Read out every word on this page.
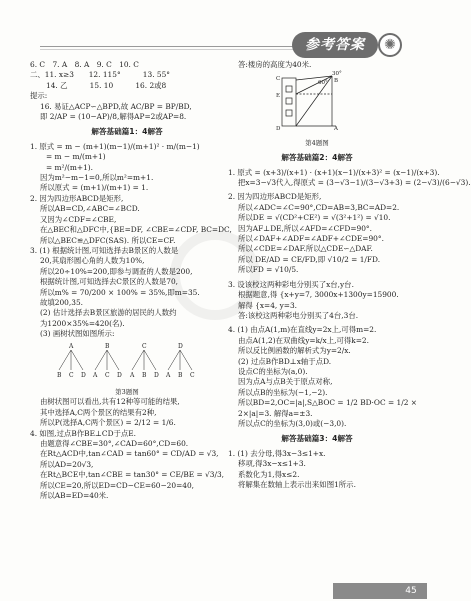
参考答案	✺
6. C　7. A　8. A　9. C　10. C
二、11. x≥3　　12. 115°　　　13. 55°
14. 乙　　　15. 10　　　16. 2或8
提示:
16. 易证△ACP∽△BPD,故 AC/BP = BP/BD,
即 2/AP = (10−AP)/8,解得AP=2或AP=8.
解答基础篇1：4解答
1. 原式 = m − (m+1)(m−1)/(m+1)² · m/(m−1)
= m − m/(m+1)
= m²/(m+1).
因为m²−m−1=0,所以m²=m+1.
所以原式 = (m+1)/(m+1) = 1.
2. 因为四边形ABCD是矩形,
所以AB=CD,∠ABC=∠BCD.
又因为∠CDF=∠CBE,
在△BEC和△DFC中,{BE=DF, ∠CBE=∠CDF, BC=DC,
所以△BEC≌△DFC(SAS). 所以CE=CF.
3. (1) 根据统计图,可知选择去B景区的人数是
20,其扇形圆心角的人数为10%,
所以20÷10%=200,即参与调查的人数是200,
根据统计图,可知选择去C景区的人数是70,
所以m% = 70/200 × 100% = 35%,即m=35.
故填200,35.
(2) 估计选择去B景区旅游的居民的人数约
为1200×35%=420(名).
(3) 画树状图如图所示:
A	B	C	D
B C D A C D A B D A B C
第3题图
由树状图可以看出,共有12种等可能的结果,
其中选择A,C两个景区的结果有2种,
所以P(选择A,C两个景区) = 2/12 = 1/6.
4. 如图,过点B作BE⊥CD于点E.
由题意得∠CBE=30°,∠CAD=60°,CD=60.
在Rt△ACD中,tan∠CAD = tan60° = CD/AD = √3,
所以AD=20√3,
在Rt△BCE中,tan∠CBE = tan30° = CE/BE = √3/3,
所以CE=20,所以ED=CD−CE=60−20=40,
所以AB=ED=40米.
答:楼房的高度为40米.
30°
60°
C	B
E
A
D
第4题图
解答基础篇2：4解答
1. 原式 = (x+3)/(x+1) · (x+1)(x−1)/(x+3)² = (x−1)/(x+3).
把x=3−√3代入,得原式 = (3−√3−1)/(3−√3+3) = (2−√3)/(6−√3).
2. 因为四边形ABCD是矩形,
所以∠ADC=∠C=90°,CD=AB=3,BC=AD=2.
所以DE = √(CD²+CE²) = √(3²+1²) = √10.
因为AF⊥DE,所以∠AFD=∠CFD=90°.
所以∠DAF+∠ADF=∠ADF+∠CDE=90°.
所以∠CDE=∠DAF.所以△CDE∽△DAF.
所以 DE/AD = CE/FD,即 √10/2 = 1/FD.
所以FD = √10/5.
3. 设该校这两种彩电分别买了x台,y台.
根据题意,得 {x+y=7, 3000x+1300y=15900.
解得 {x=4, y=3.
答:该校这两种彩电分别买了4台,3台.
4. (1) 由点A(1,m)在直线y=2x上,可得m=2.
由点A(1,2)在双曲线y=k/x上,可得k=2.
所以反比例函数的解析式为y=2/x.
(2) 过点B作BD⊥x轴于点D.
设点C的坐标为(a,0).
因为点A与点B关于原点对称,
所以点B的坐标为(−1,−2).
所以BD=2,OC=|a|,S△BOC = 1/2 BD·OC = 1/2 ×
2×|a|=3. 解得a=±3.
所以点C的坐标为(3,0)或(−3,0).
解答基础篇3：4解答
1. (1) 去分母,得3x−3≤1+x.
移项,得3x−x≤1+3.
系数化为1,得x≤2.
将解集在数轴上表示出来如图1所示.
45
